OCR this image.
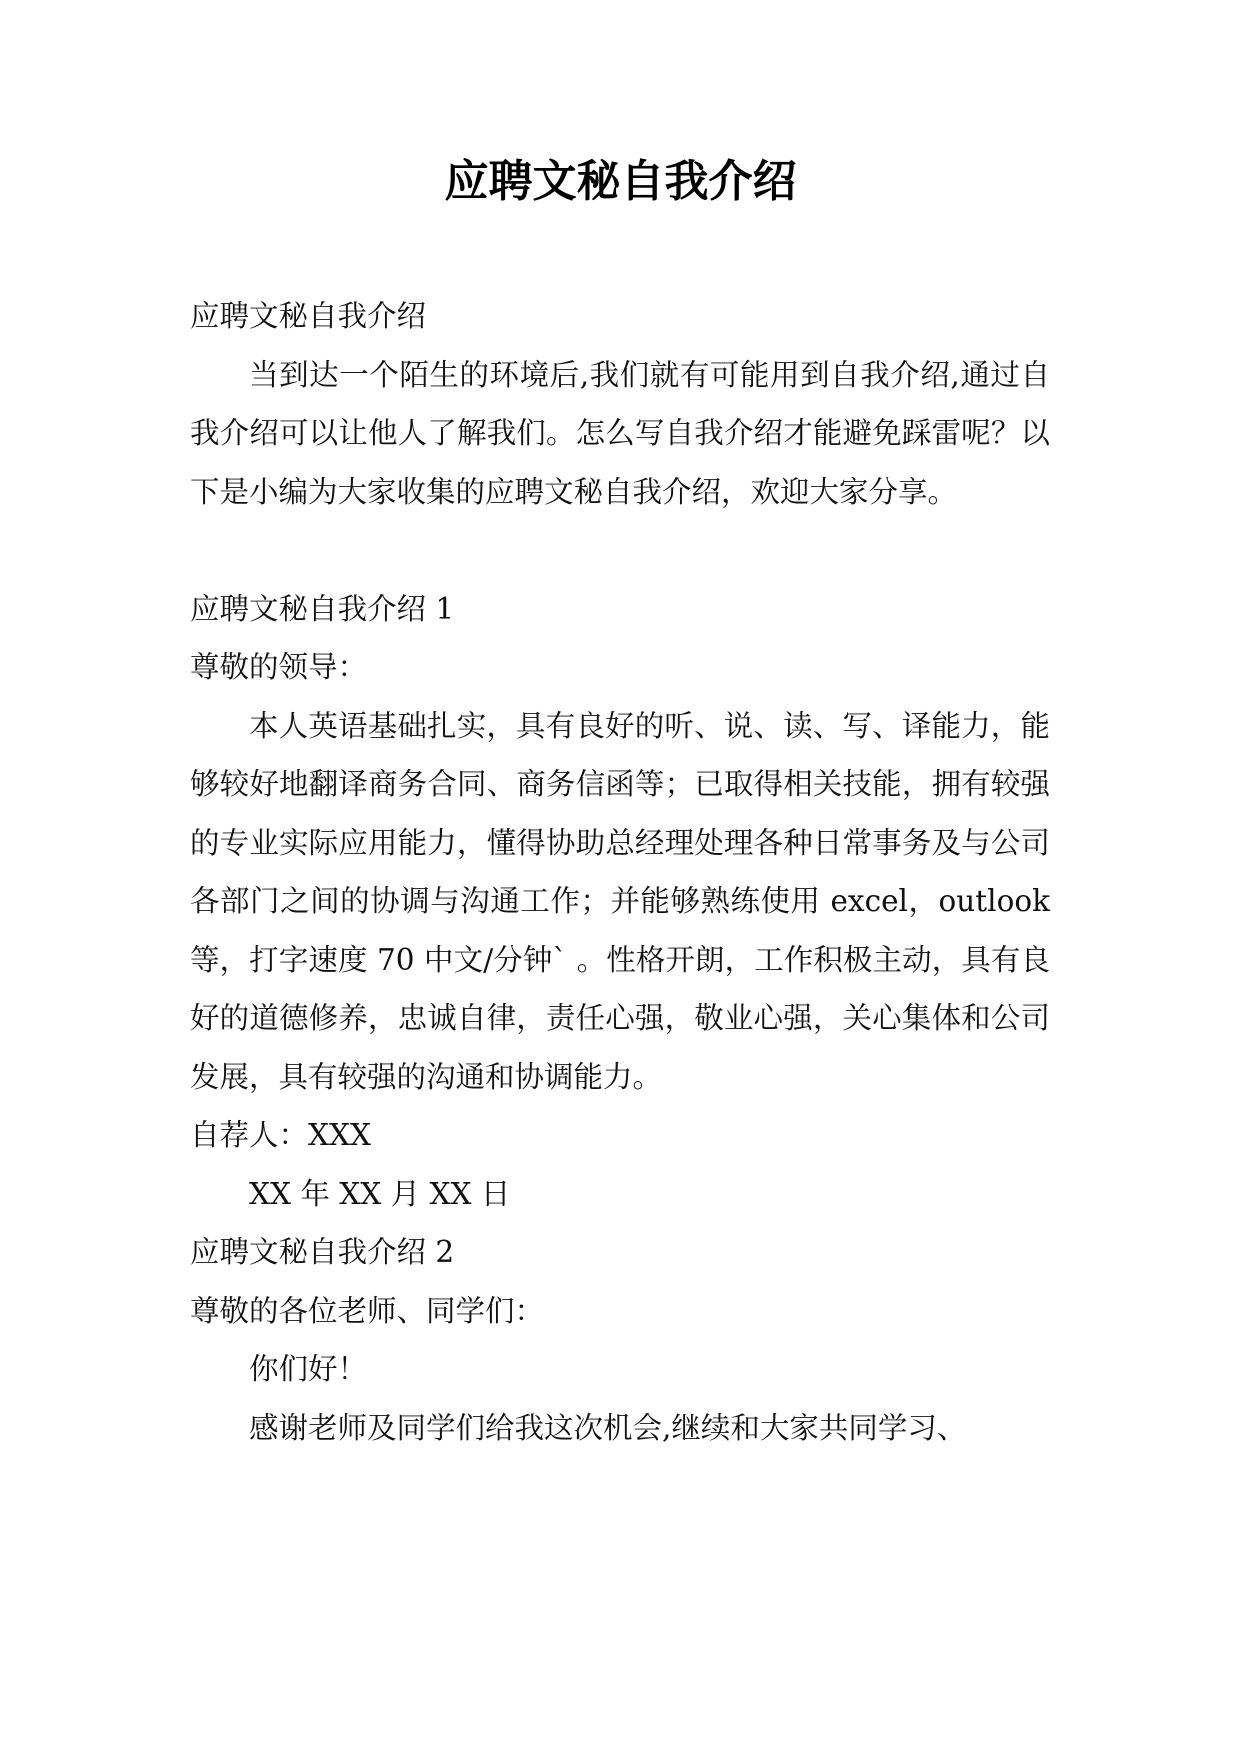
应聘文秘自我介绍

应聘文秘自我介绍

当到达一个陌生的环境后,我们就有可能用到自我介绍,通过自我介绍可以让他人了解我们。怎么写自我介绍才能避免踩雷呢？以下是小编为大家收集的应聘文秘自我介绍，欢迎大家分享。

应聘文秘自我介绍 1

尊敬的领导：

本人英语基础扎实，具有良好的听、说、读、写、译能力，能够较好地翻译商务合同、商务信函等；已取得相关技能，拥有较强的专业实际应用能力，懂得协助总经理处理各种日常事务及与公司各部门之间的协调与沟通工作；并能够熟练使用 excel，outlook 等，打字速度 70 中文/分钟` 。性格开朗，工作积极主动，具有良好的道德修养，忠诚自律，责任心强，敬业心强，关心集体和公司发展，具有较强的沟通和协调能力。

自荐人：XXX

XX 年 XX 月 XX 日

应聘文秘自我介绍 2

尊敬的各位老师、同学们：

你们好！

感谢老师及同学们给我这次机会,继续和大家共同学习、
